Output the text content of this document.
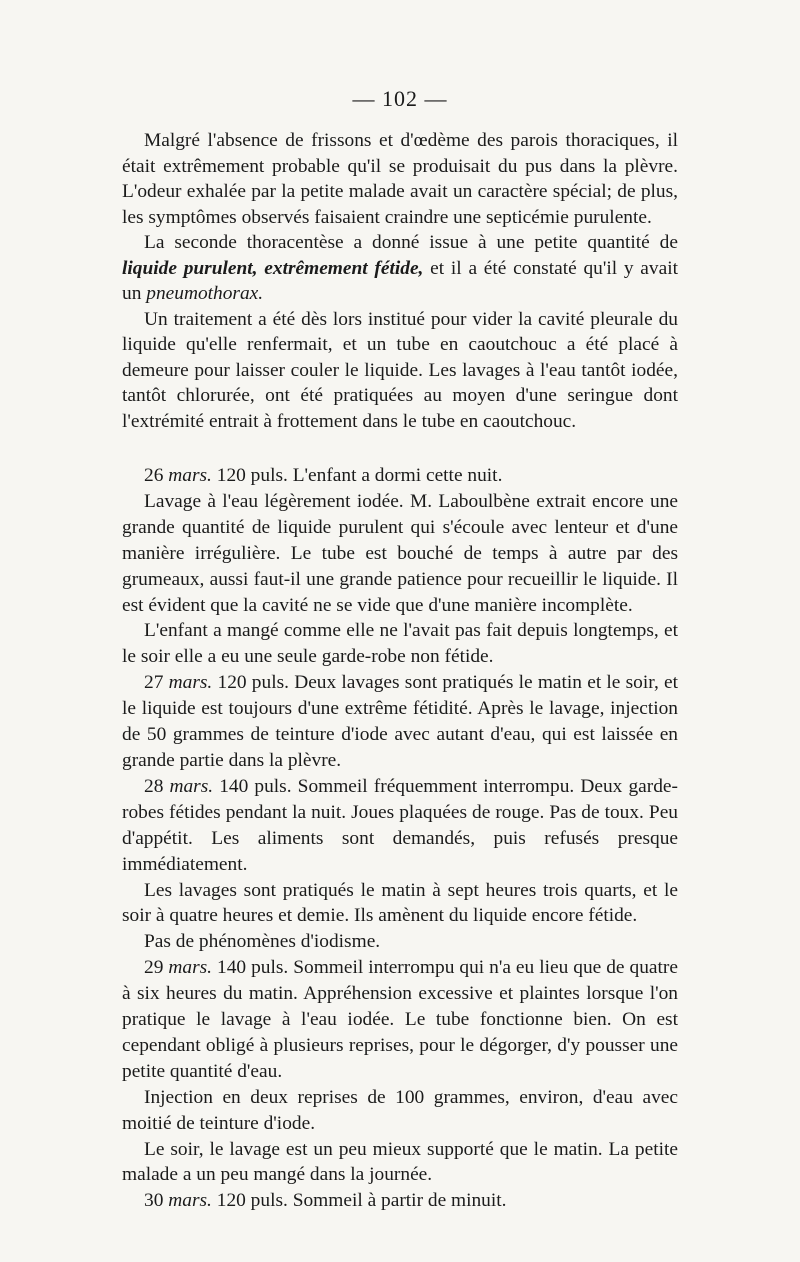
— 102 —

Malgré l'absence de frissons et d'œdème des parois thoraciques, il était extrêmement probable qu'il se produisait du pus dans la plèvre. L'odeur exhalée par la petite malade avait un caractère spécial; de plus, les symptômes observés faisaient craindre une septicémie purulente.

La seconde thoracentèse a donné issue à une petite quantité de liquide purulent, extrêmement fétide, et il a été constaté qu'il y avait un pneumothorax.

Un traitement a été dès lors institué pour vider la cavité pleurale du liquide qu'elle renfermait, et un tube en caoutchouc a été placé à demeure pour laisser couler le liquide. Les lavages à l'eau tantôt iodée, tantôt chlorurée, ont été pratiquées au moyen d'une seringue dont l'extrémité entrait à frottement dans le tube en caoutchouc.

26 mars. 120 puls. L'enfant a dormi cette nuit.

Lavage à l'eau légèrement iodée. M. Laboulbène extrait encore une grande quantité de liquide purulent qui s'écoule avec lenteur et d'une manière irrégulière. Le tube est bouché de temps à autre par des grumeaux, aussi faut-il une grande patience pour recueillir le liquide. Il est évident que la cavité ne se vide que d'une manière incomplète.

L'enfant a mangé comme elle ne l'avait pas fait depuis longtemps, et le soir elle a eu une seule garde-robe non fétide.

27 mars. 120 puls. Deux lavages sont pratiqués le matin et le soir, et le liquide est toujours d'une extrême fétidité. Après le lavage, injection de 50 grammes de teinture d'iode avec autant d'eau, qui est laissée en grande partie dans la plèvre.

28 mars. 140 puls. Sommeil fréquemment interrompu. Deux garde-robes fétides pendant la nuit. Joues plaquées de rouge. Pas de toux. Peu d'appétit. Les aliments sont demandés, puis refusés presque immédiatement.

Les lavages sont pratiqués le matin à sept heures trois quarts, et le soir à quatre heures et demie. Ils amènent du liquide encore fétide.

Pas de phénomènes d'iodisme.

29 mars. 140 puls. Sommeil interrompu qui n'a eu lieu que de quatre à six heures du matin. Appréhension excessive et plaintes lorsque l'on pratique le lavage à l'eau iodée. Le tube fonctionne bien. On est cependant obligé à plusieurs reprises, pour le dégorger, d'y pousser une petite quantité d'eau.

Injection en deux reprises de 100 grammes, environ, d'eau avec moitié de teinture d'iode.

Le soir, le lavage est un peu mieux supporté que le matin. La petite malade a un peu mangé dans la journée.

30 mars. 120 puls. Sommeil à partir de minuit.
